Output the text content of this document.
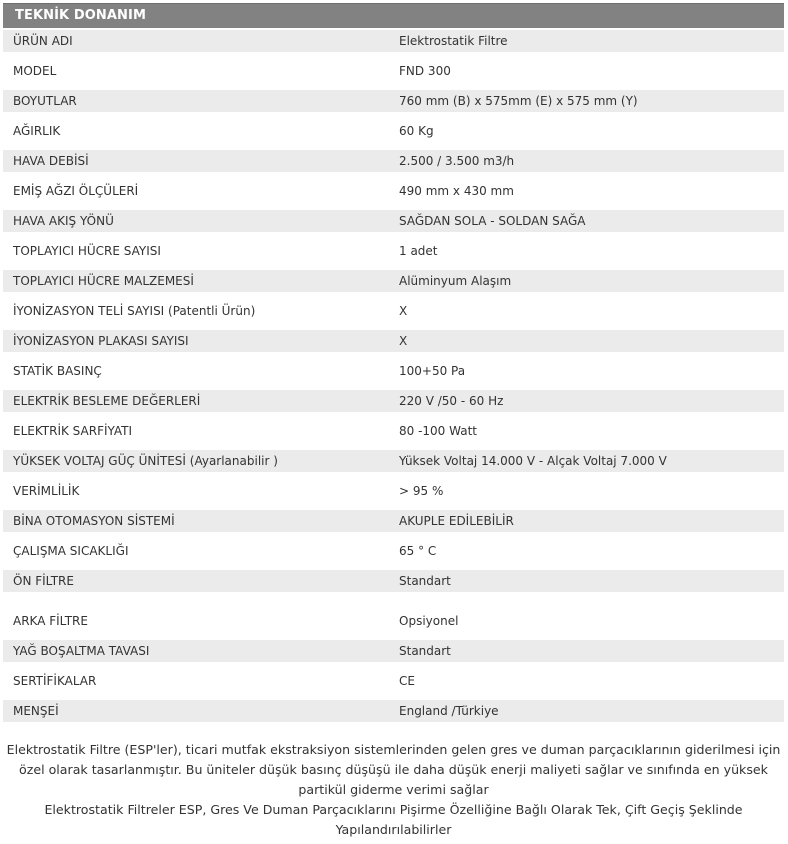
TEKNİK DONANIM
ÜRÜN ADI	Elektrostatik Filtre
MODEL	FND 300
BOYUTLAR	760 mm (B) x 575mm (E) x 575 mm (Y)
AĞIRLIK	60 Kg
HAVA DEBİSİ	2.500 / 3.500 m3/h
EMİŞ AĞZI ÖLÇÜLERİ	490 mm x 430 mm
HAVA AKIŞ YÖNÜ	SAĞDAN SOLA - SOLDAN SAĞA
TOPLAYICI HÜCRE SAYISI	1 adet
TOPLAYICI HÜCRE MALZEMESİ	Alüminyum Alaşım
İYONİZASYON TELİ SAYISI (Patentli Ürün)	X
İYONİZASYON PLAKASI SAYISI	X
STATİK BASINÇ	100+50 Pa
ELEKTRİK BESLEME DEĞERLERİ	220 V /50 - 60 Hz
ELEKTRİK SARFİYATI	80 -100 Watt
YÜKSEK VOLTAJ GÜÇ ÜNİTESİ (Ayarlanabilir )	Yüksek Voltaj 14.000 V - Alçak Voltaj 7.000 V
VERİMLİLİK	> 95 %
BİNA OTOMASYON SİSTEMİ	AKUPLE EDİLEBİLİR
ÇALIŞMA SICAKLIĞI	65 ° C
ÖN FİLTRE	Standart
ARKA FİLTRE	Opsiyonel
YAĞ BOŞALTMA TAVASI	Standart
SERTİFİKALAR	CE
MENŞEİ	England /Türkiye

Elektrostatik Filtre (ESP'ler), ticari mutfak ekstraksiyon sistemlerinden gelen gres ve duman parçacıklarının giderilmesi için özel olarak tasarlanmıştır. Bu üniteler düşük basınç düşüşü ile daha düşük enerji maliyeti sağlar ve sınıfında en yüksek partikül giderme verimi sağlar

Elektrostatik Filtreler ESP, Gres Ve Duman Parçacıklarını Pişirme Özelliğine Bağlı Olarak Tek, Çift Geçiş Şeklinde Yapılandırılabilirler
